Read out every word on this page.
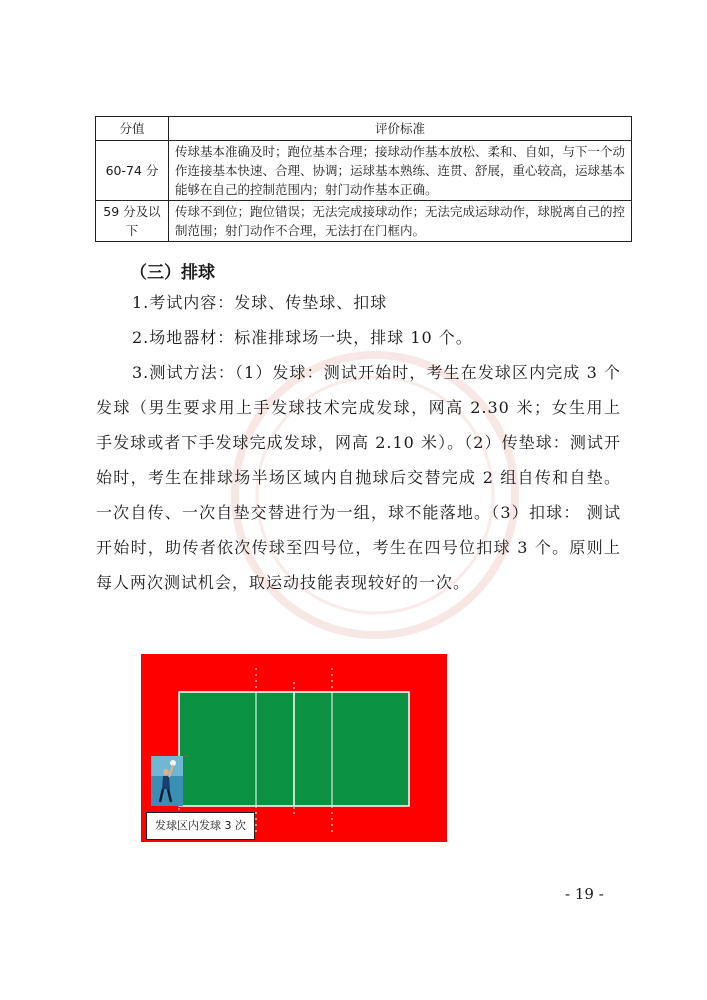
分值	评价标准
60-74 分	传球基本准确及时；跑位基本合理；接球动作基本放松、柔和、自如，与下一个动作连接基本快速、合理、协调；运球基本熟练、连贯、舒展，重心较高，运球基本能够在自己的控制范围内；射门动作基本正确。
59 分及以下	传球不到位；跑位错误；无法完成接球动作；无法完成运球动作，球脱离自己的控制范围；射门动作不合理，无法打在门框内。
（三）排球
1.考试内容：发球、传垫球、扣球
2.场地器材：标准排球场一块，排球 10 个。
3.测试方法：（1）发球：测试开始时，考生在发球区内完成 3 个发球（男生要求用上手发球技术完成发球，网高 2.30 米；女生用上手发球或者下手发球完成发球，网高 2.10 米）。（2）传垫球：测试开始时，考生在排球场半场区域内自抛球后交替完成 2 组自传和自垫。一次自传、一次自垫交替进行为一组，球不能落地。（3）扣球： 测试开始时，助传者依次传球至四号位，考生在四号位扣球 3 个。原则上每人两次测试机会，取运动技能表现较好的一次。
发球区内发球 3 次
- 19 -
